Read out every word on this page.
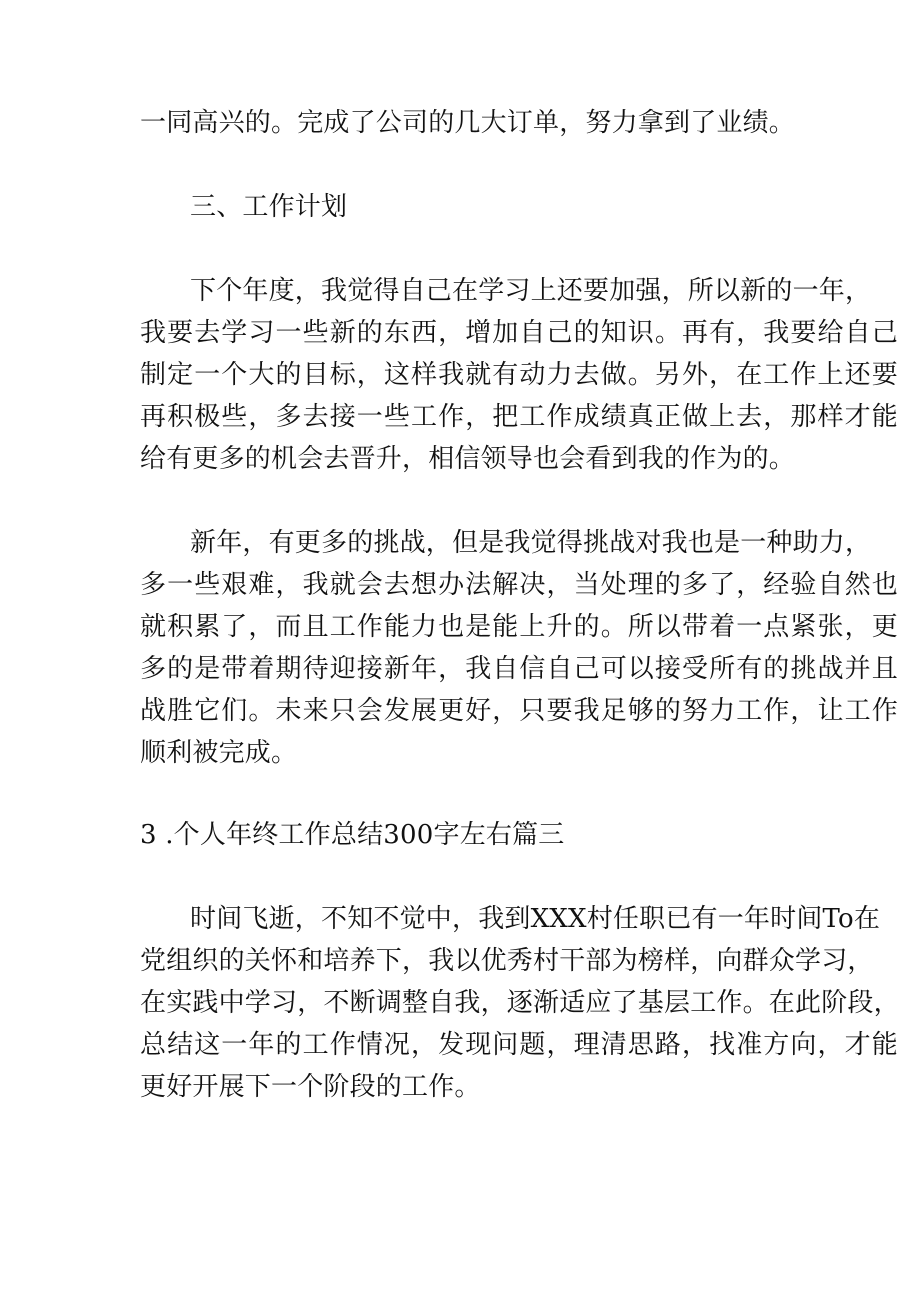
一同高兴的。完成了公司的几大订单，努力拿到了业绩。
三、工作计划
下个年度，我觉得自己在学习上还要加强，所以新的一年，
我要去学习一些新的东西，增加自己的知识。再有，我要给自己
制定一个大的目标，这样我就有动力去做。另外，在工作上还要
再积极些，多去接一些工作，把工作成绩真正做上去，那样才能
给有更多的机会去晋升，相信领导也会看到我的作为的。
新年，有更多的挑战，但是我觉得挑战对我也是一种助力，
多一些艰难，我就会去想办法解决，当处理的多了，经验自然也
就积累了，而且工作能力也是能上升的。所以带着一点紧张，更
多的是带着期待迎接新年，我自信自己可以接受所有的挑战并且
战胜它们。未来只会发展更好，只要我足够的努力工作，让工作
顺利被完成。
3 .个人年终工作总结300字左右篇三
时间飞逝，不知不觉中，我到XXX村任职已有一年时间To在
党组织的关怀和培养下，我以优秀村干部为榜样，向群众学习，
在实践中学习，不断调整自我，逐渐适应了基层工作。在此阶段，
总结这一年的工作情况，发现问题，理清思路，找准方向，才能
更好开展下一个阶段的工作。
